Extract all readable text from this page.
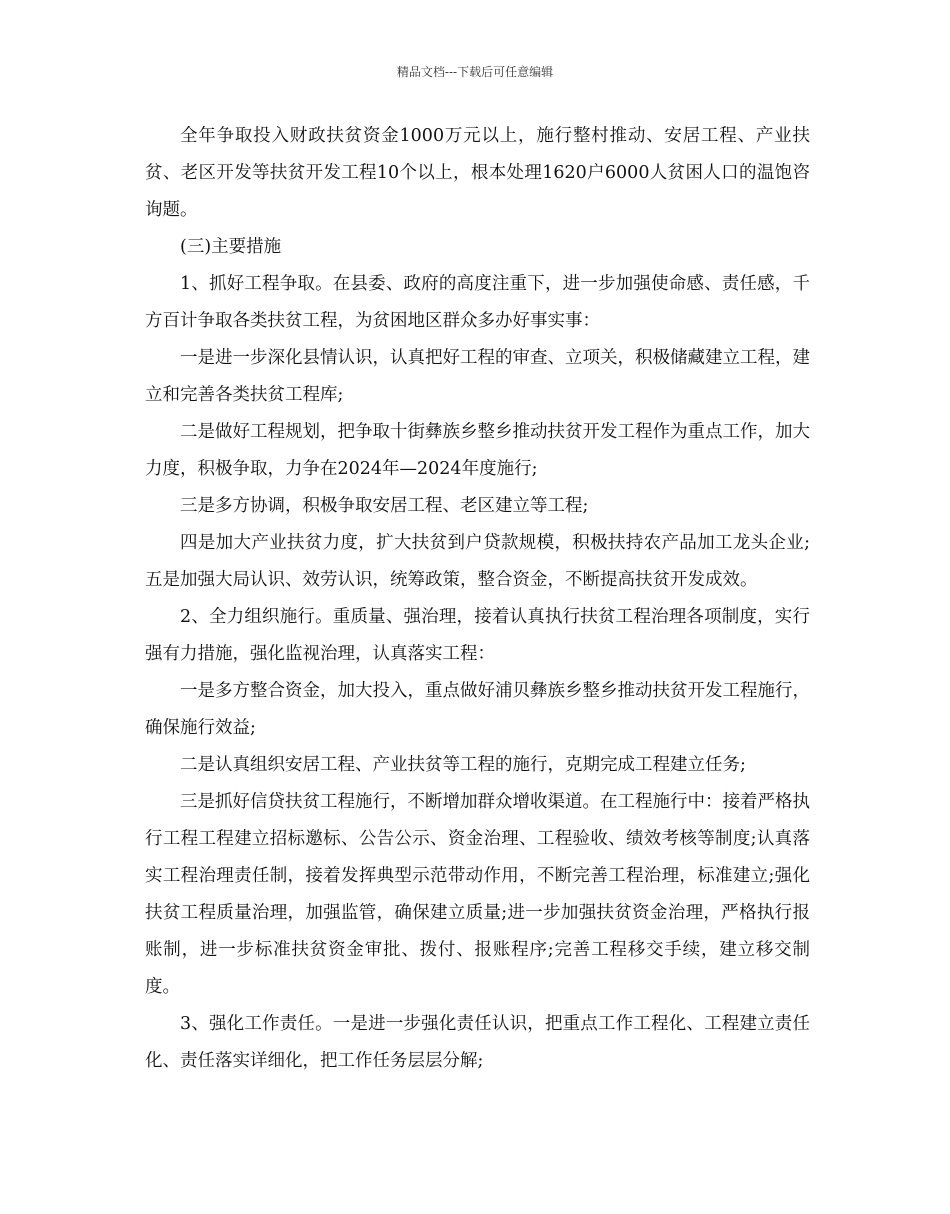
精品文档---下载后可任意编辑

全年争取投入财政扶贫资金1000万元以上，施行整村推动、安居工程、产业扶贫、老区开发等扶贫开发工程10个以上，根本处理1620户6000人贫困人口的温饱咨询题。

(三)主要措施

1、抓好工程争取。在县委、政府的高度注重下，进一步加强使命感、责任感，千方百计争取各类扶贫工程，为贫困地区群众多办好事实事：

一是进一步深化县情认识，认真把好工程的审查、立项关，积极储藏建立工程，建立和完善各类扶贫工程库;

二是做好工程规划，把争取十街彝族乡整乡推动扶贫开发工程作为重点工作，加大力度，积极争取，力争在2024年—2024年度施行;

三是多方协调，积极争取安居工程、老区建立等工程;

四是加大产业扶贫力度，扩大扶贫到户贷款规模，积极扶持农产品加工龙头企业;五是加强大局认识、效劳认识，统筹政策，整合资金，不断提高扶贫开发成效。

2、全力组织施行。重质量、强治理，接着认真执行扶贫工程治理各项制度，实行强有力措施，强化监视治理，认真落实工程：

一是多方整合资金，加大投入，重点做好浦贝彝族乡整乡推动扶贫开发工程施行，确保施行效益;

二是认真组织安居工程、产业扶贫等工程的施行，克期完成工程建立任务;

三是抓好信贷扶贫工程施行，不断增加群众增收渠道。在工程施行中：接着严格执行工程工程建立招标邀标、公告公示、资金治理、工程验收、绩效考核等制度;认真落实工程治理责任制，接着发挥典型示范带动作用，不断完善工程治理，标准建立;强化扶贫工程质量治理，加强监管，确保建立质量;进一步加强扶贫资金治理，严格执行报账制，进一步标准扶贫资金审批、拨付、报账程序;完善工程移交手续，建立移交制度。

3、强化工作责任。一是进一步强化责任认识，把重点工作工程化、工程建立责任化、责任落实详细化，把工作任务层层分解;
